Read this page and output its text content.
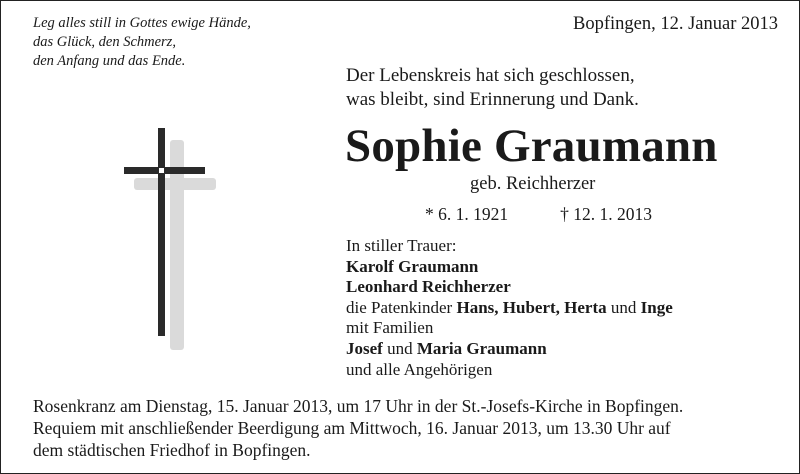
Leg alles still in Gottes ewige Hände,
das Glück, den Schmerz,
den Anfang und das Ende.
Bopfingen, 12. Januar 2013
Der Lebenskreis hat sich geschlossen,
was bleibt, sind Erinnerung und Dank.
Sophie Graumann
geb. Reichherzer
* 6. 1. 1921	† 12. 1. 2013
In stiller Trauer:
Karolf Graumann
Leonhard Reichherzer
die Patenkinder Hans, Hubert, Herta und Inge
mit Familien
Josef und Maria Graumann
und alle Angehörigen
Rosenkranz am Dienstag, 15. Januar 2013, um 17 Uhr in der St.-Josefs-Kirche in Bopfingen.
Requiem mit anschließender Beerdigung am Mittwoch, 16. Januar 2013, um 13.30 Uhr auf
dem städtischen Friedhof in Bopfingen.
